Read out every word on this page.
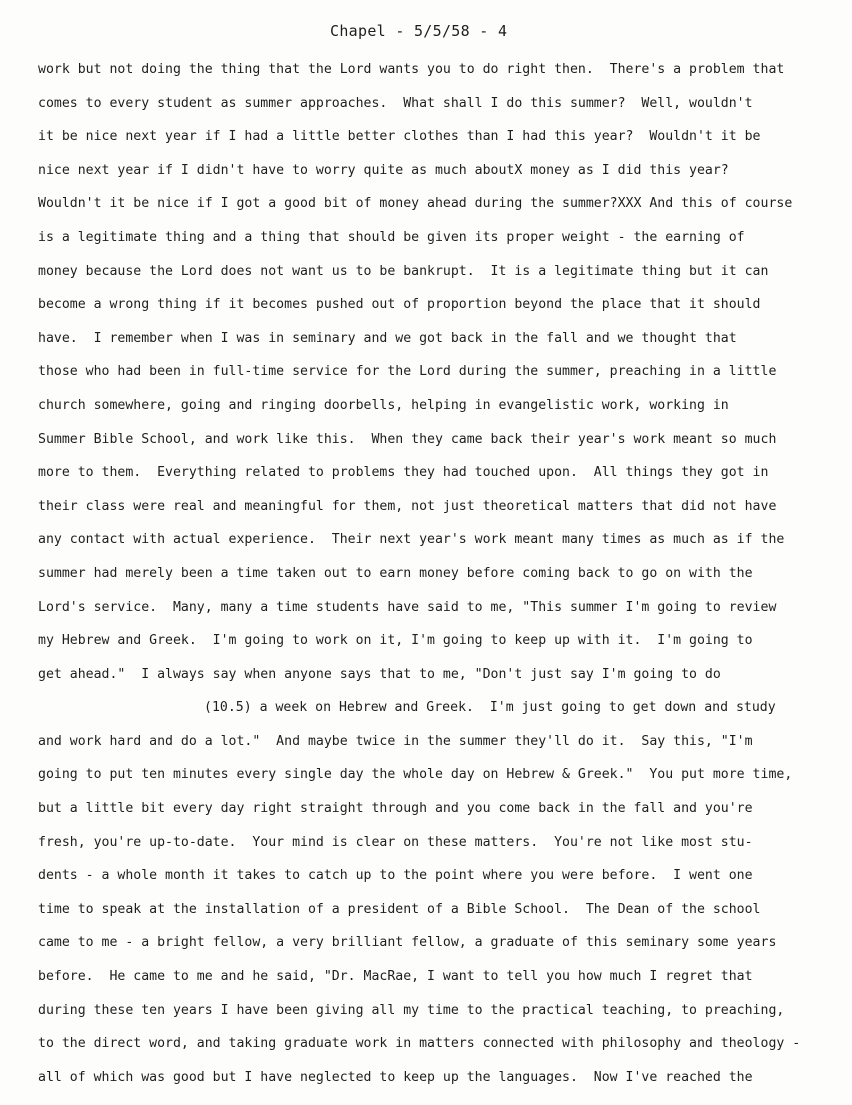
Chapel - 5/5/58 - 4
work but not doing the thing that the Lord wants you to do right then.  There's a problem that
comes to every student as summer approaches.  What shall I do this summer?  Well, wouldn't
it be nice next year if I had a little better clothes than I had this year?  Wouldn't it be
nice next year if I didn't have to worry quite as much aboutX money as I did this year?
Wouldn't it be nice if I got a good bit of money ahead during the summer?XXX And this of course
is a legitimate thing and a thing that should be given its proper weight - the earning of
money because the Lord does not want us to be bankrupt.  It is a legitimate thing but it can
become a wrong thing if it becomes pushed out of proportion beyond the place that it should
have.  I remember when I was in seminary and we got back in the fall and we thought that
those who had been in full-time service for the Lord during the summer, preaching in a little
church somewhere, going and ringing doorbells, helping in evangelistic work, working in
Summer Bible School, and work like this.  When they came back their year's work meant so much
more to them.  Everything related to problems they had touched upon.  All things they got in
their class were real and meaningful for them, not just theoretical matters that did not have
any contact with actual experience.  Their next year's work meant many times as much as if the
summer had merely been a time taken out to earn money before coming back to go on with the
Lord's service.  Many, many a time students have said to me, "This summer I'm going to review
my Hebrew and Greek.  I'm going to work on it, I'm going to keep up with it.  I'm going to
get ahead."  I always say when anyone says that to me, "Don't just say I'm going to do
(10.5) a week on Hebrew and Greek.  I'm just going to get down and study
and work hard and do a lot."  And maybe twice in the summer they'll do it.  Say this, "I'm
going to put ten minutes every single day the whole day on Hebrew & Greek."  You put more time,
but a little bit every day right straight through and you come back in the fall and you're
fresh, you're up-to-date.  Your mind is clear on these matters.  You're not like most stu-
dents - a whole month it takes to catch up to the point where you were before.  I went one
time to speak at the installation of a president of a Bible School.  The Dean of the school
came to me - a bright fellow, a very brilliant fellow, a graduate of this seminary some years
before.  He came to me and he said, "Dr. MacRae, I want to tell you how much I regret that
during these ten years I have been giving all my time to the practical teaching, to preaching,
to the direct word, and taking graduate work in matters connected with philosophy and theology -
all of which was good but I have neglected to keep up the languages.  Now I've reached the
